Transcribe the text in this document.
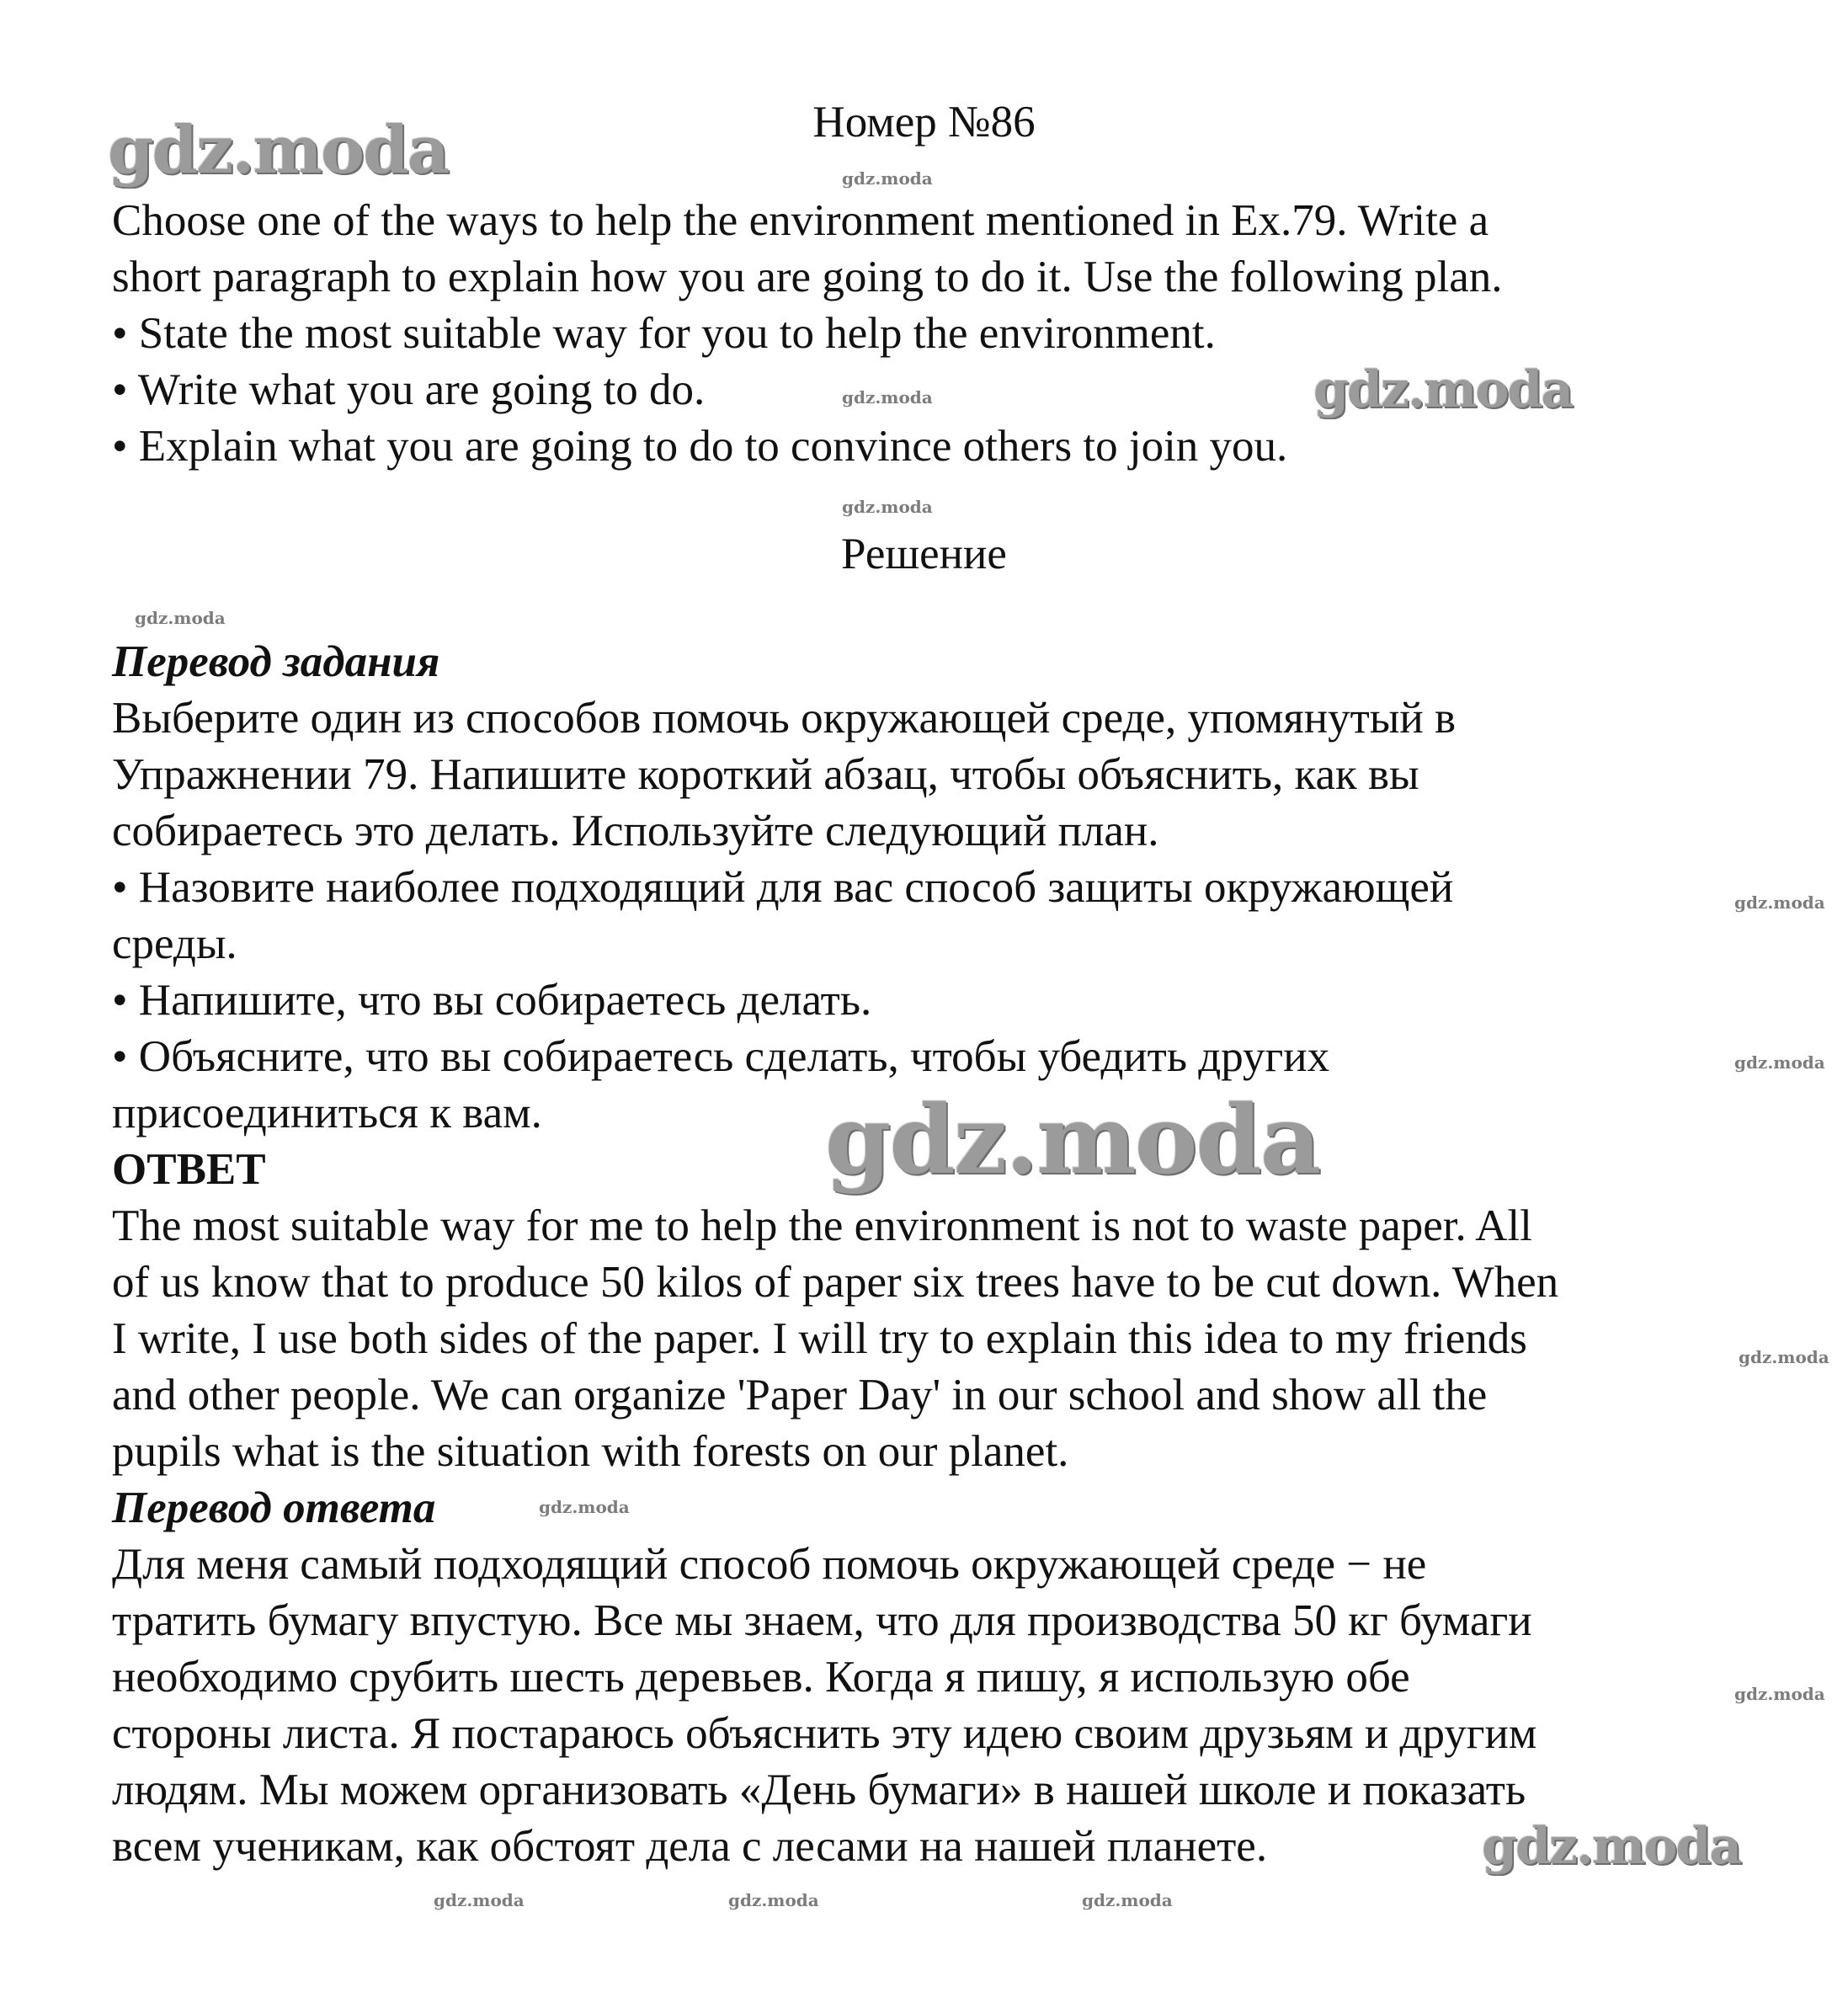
Номер №86
Choose one of the ways to help the environment mentioned in Ex.79. Write a
short paragraph to explain how you are going to do it. Use the following plan.
• State the most suitable way for you to help the environment.
• Write what you are going to do.
• Explain what you are going to do to convince others to join you.
Решение
Перевод задания
Выберите один из способов помочь окружающей среде, упомянутый в
Упражнении 79. Напишите короткий абзац, чтобы объяснить, как вы
собираетесь это делать. Используйте следующий план.
• Назовите наиболее подходящий для вас способ защиты окружающей
среды.
• Напишите, что вы собираетесь делать.
• Объясните, что вы собираетесь сделать, чтобы убедить других
присоединиться к вам.
ОТВЕТ
The most suitable way for me to help the environment is not to waste paper. All
of us know that to produce 50 kilos of paper six trees have to be cut down. When
I write, I use both sides of the paper. I will try to explain this idea to my friends
and other people. We can organize 'Paper Day' in our school and show all the
pupils what is the situation with forests on our planet.
Перевод ответа
Для меня самый подходящий способ помочь окружающей среде − не
тратить бумагу впустую. Все мы знаем, что для производства 50 кг бумаги
необходимо срубить шесть деревьев. Когда я пишу, я использую обе
стороны листа. Я постараюсь объяснить эту идею своим друзьям и другим
людям. Мы можем организовать «День бумаги» в нашей школе и показать
всем ученикам, как обстоят дела с лесами на нашей планете.
gdz.moda
gdz.moda
gdz.moda
gdz.moda
gdz.moda
gdz.moda
gdz.moda
gdz.moda
gdz.moda
gdz.moda
gdz.moda
gdz.moda
gdz.moda
gdz.moda	gdz.moda	gdz.moda
